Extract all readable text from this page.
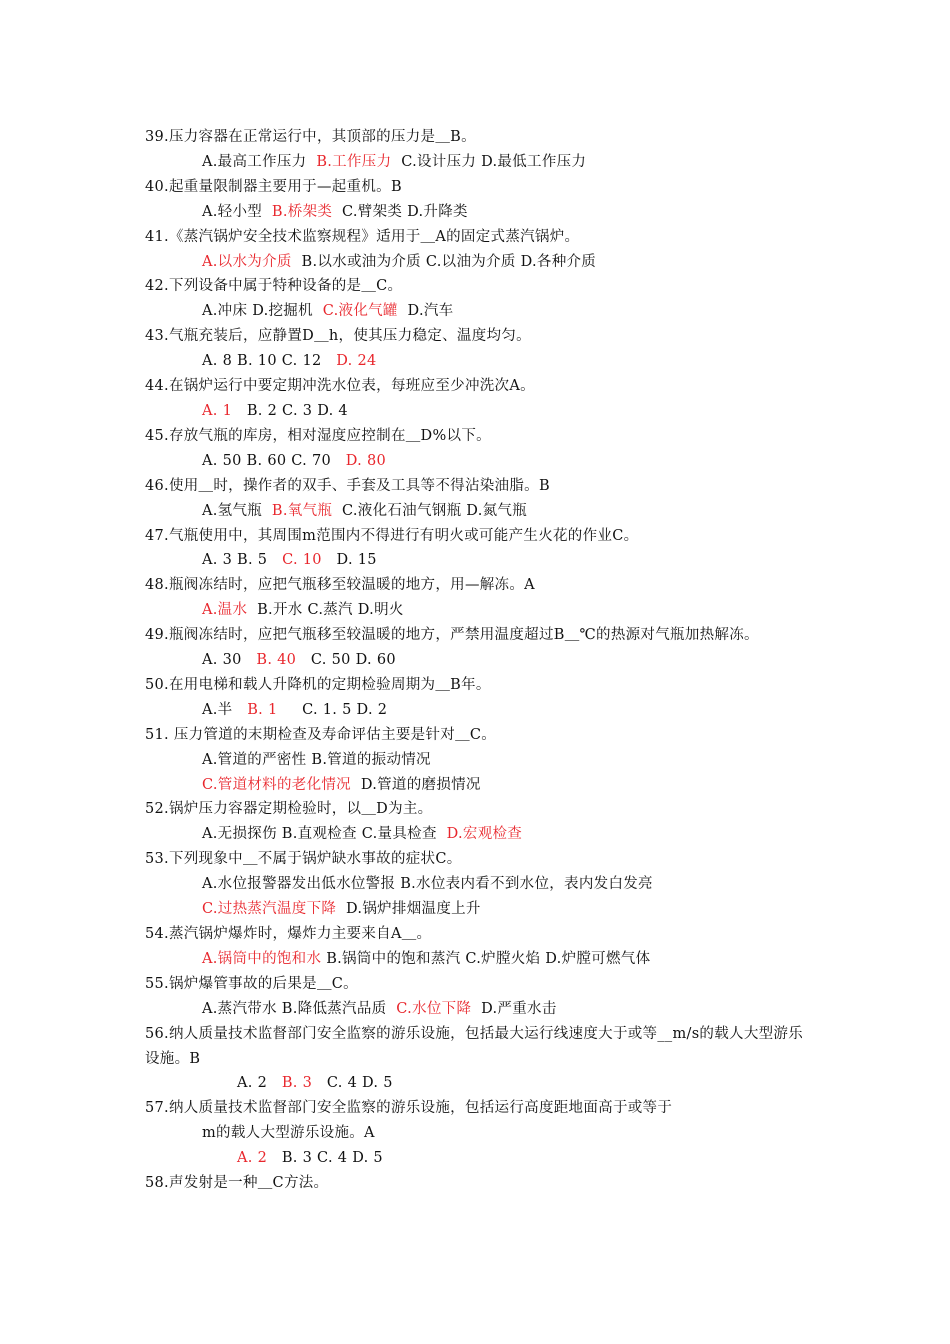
39.压力容器在正常运行中，其顶部的压力是＿B。
A.最高工作压力  B.工作压力  C.设计压力 D.最低工作压力
40.起重量限制器主要用于—起重机。B
A.轻小型  B.桥架类  C.臂架类 D.升降类
41.《蒸汽锅炉安全技术监察规程》适用于＿A的固定式蒸汽锅炉。
A.以水为介质  B.以水或油为介质 C.以油为介质 D.各种介质
42.下列设备中属于特种设备的是＿C。
A.冲床 D.挖掘机  C.液化气罐  D.汽车
43.气瓶充装后，应静置D＿h，使其压力稳定、温度均匀。
A. 8 B. 10 C. 12   D. 24
44.在锅炉运行中要定期冲洗水位表，每班应至少冲洗次A。
A. 1   B. 2 C. 3 D. 4
45.存放气瓶的库房，相对湿度应控制在＿D%以下。
A. 50 B. 60 C. 70   D. 80
46.使用＿时，操作者的双手、手套及工具等不得沾染油脂。B
A.氢气瓶  B.氧气瓶  C.液化石油气钢瓶 D.氮气瓶
47.气瓶使用中，其周围m范围内不得进行有明火或可能产生火花的作业C。
A. 3 B. 5   C. 10   D. 15
48.瓶阀冻结时，应把气瓶移至较温暖的地方，用—解冻。A
A.温水  B.开水 C.蒸汽 D.明火
49.瓶阀冻结时，应把气瓶移至较温暖的地方，严禁用温度超过B＿℃的热源对气瓶加热解冻。
A. 30   B. 40   C. 50 D. 60
50.在用电梯和载人升降机的定期检验周期为＿B年。
A.半   B. 1     C. 1. 5 D. 2
51. 压力管道的末期检查及寿命评估主要是针对＿C。
A.管道的严密性 B.管道的振动情况
C.管道材料的老化情况  D.管道的磨损情况
52.锅炉压力容器定期检验时，以＿D为主。
A.无损探伤 B.直观检查 C.量具检查  D.宏观检查
53.下列现象中＿不属于锅炉缺水事故的症状C。
A.水位报警器发出低水位警报 B.水位表内看不到水位，表内发白发亮
C.过热蒸汽温度下降  D.锅炉排烟温度上升
54.蒸汽锅炉爆炸时，爆炸力主要来自A＿。
A.锅筒中的饱和水 B.锅筒中的饱和蒸汽 C.炉膛火焰 D.炉膛可燃气体
55.锅炉爆管事故的后果是＿C。
A.蒸汽带水 B.降低蒸汽品质  C.水位下降  D.严重水击
56.纳人质量技术监督部门安全监察的游乐设施，包括最大运行线速度大于或等__m/s的载人大型游乐设施。B
A. 2   B. 3   C. 4 D. 5
57.纳人质量技术监督部门安全监察的游乐设施，包括运行高度距地面高于或等于
m的载人大型游乐设施。A
A. 2   B. 3 C. 4 D. 5
58.声发射是一种＿C方法。
